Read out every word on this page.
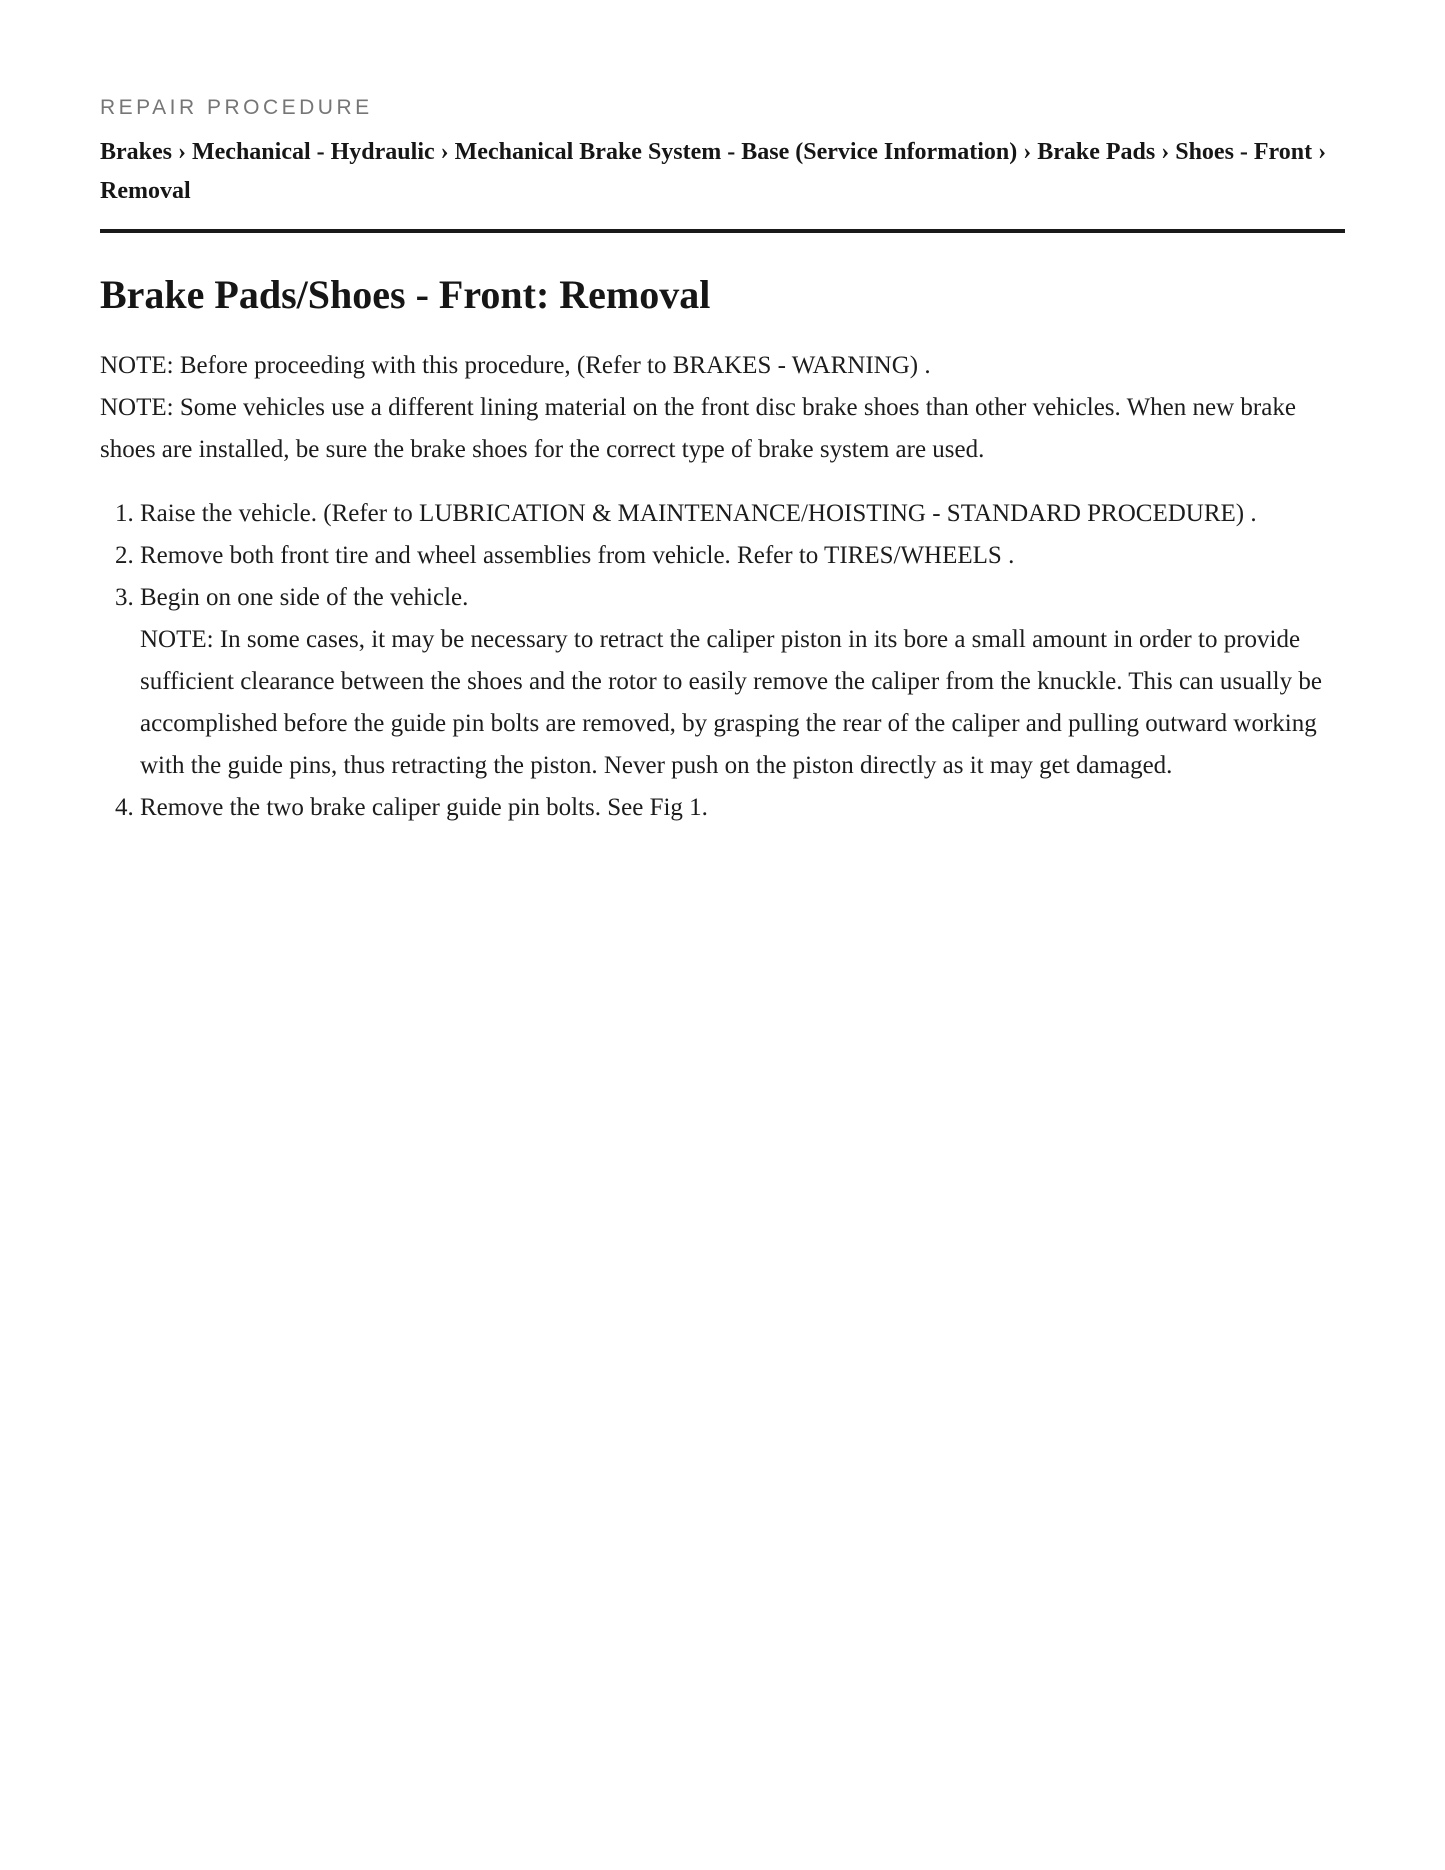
REPAIR PROCEDURE

Brakes › Mechanical - Hydraulic › Mechanical Brake System - Base (Service Information) › Brake Pads › Shoes - Front › Removal
Brake Pads/Shoes - Front: Removal

NOTE: Before proceeding with this procedure, (Refer to BRAKES - WARNING) .

NOTE: Some vehicles use a different lining material on the front disc brake shoes than other vehicles. When new brake shoes are installed, be sure the brake shoes for the correct type of brake system are used.

1. Raise the vehicle. (Refer to LUBRICATION & MAINTENANCE/HOISTING - STANDARD PROCEDURE) .
2. Remove both front tire and wheel assemblies from vehicle. Refer to TIRES/WHEELS .
3. Begin on one side of the vehicle.
NOTE: In some cases, it may be necessary to retract the caliper piston in its bore a small amount in order to provide sufficient clearance between the shoes and the rotor to easily remove the caliper from the knuckle. This can usually be accomplished before the guide pin bolts are removed, by grasping the rear of the caliper and pulling outward working with the guide pins, thus retracting the piston. Never push on the piston directly as it may get damaged.
4. Remove the two brake caliper guide pin bolts. See Fig 1.
